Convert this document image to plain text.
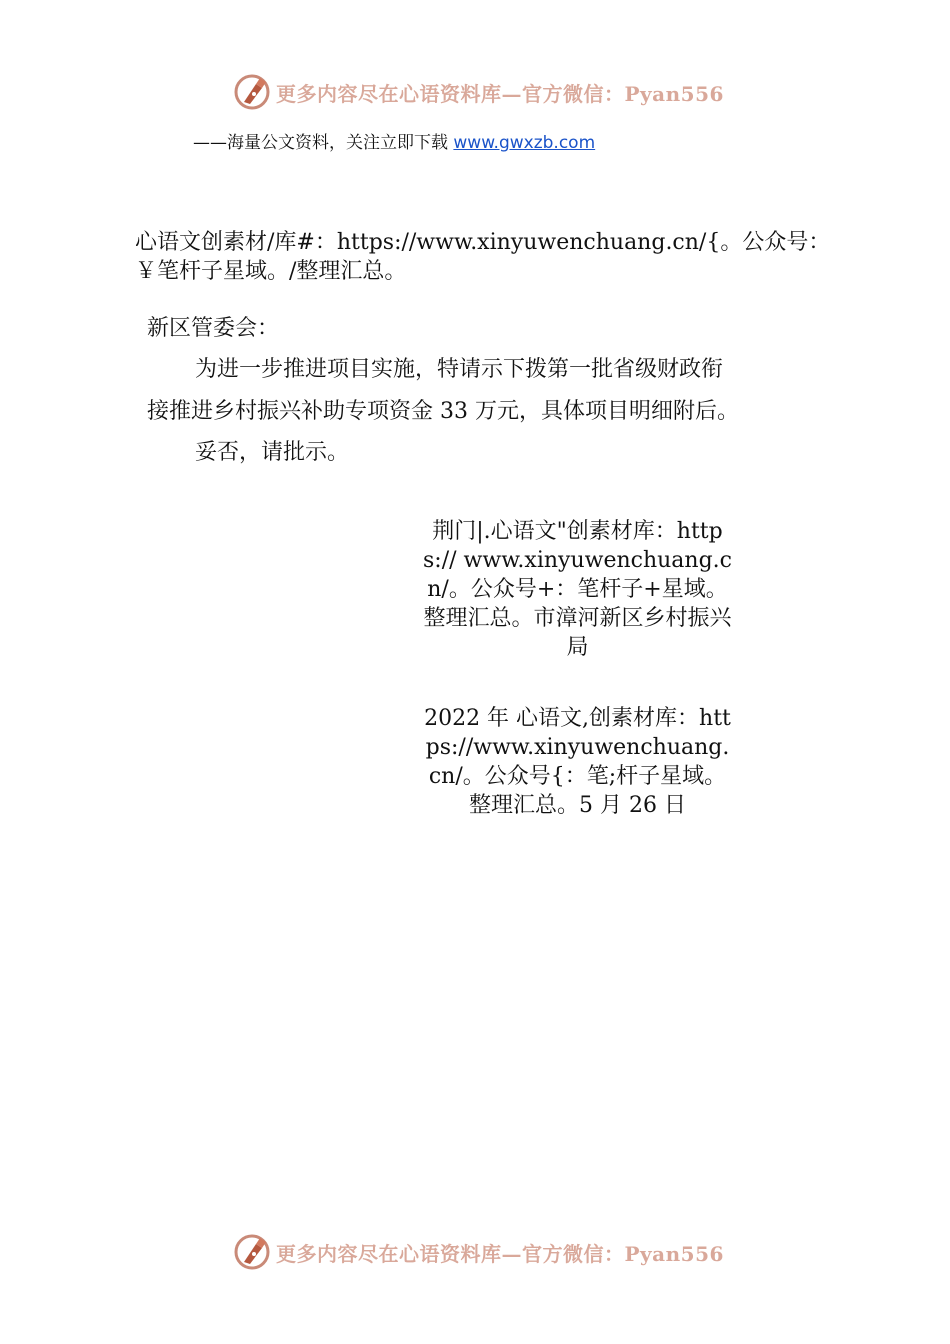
更多内容尽在心语资料库—官方微信：Pyan556
——海量公文资料，关注立即下载 www.gwxzb.com
心语文创素材/库#：https://www.xinyuwenchuang.cn/{。公众号：￥笔杆子星域。/整理汇总。
新区管委会：
为进一步推进项目实施，特请示下拨第一批省级财政衔
接推进乡村振兴补助专项资金 33 万元，具体项目明细附后。
妥否，请批示。
荆门|.心语文"创素材库：https:// www.xinyuwenchuang.cn/。公众号+：笔杆子+星域。整理汇总。市漳河新区乡村振兴局
2022 年 心语文,创素材库：https://www.xinyuwenchuang.cn/。公众号{：笔;杆子星域。整理汇总。5 月 26 日
更多内容尽在心语资料库—官方微信：Pyan556
